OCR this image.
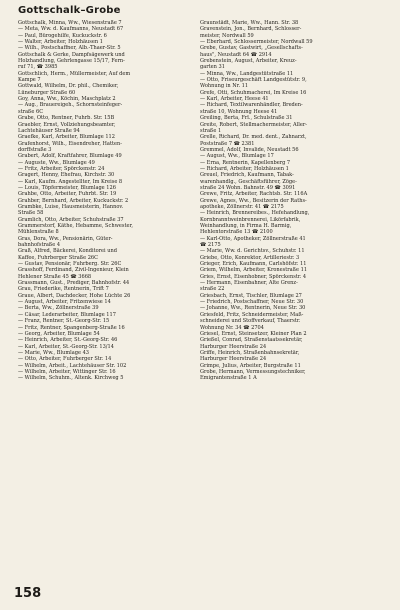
Gottschalk–Grobe
Gottschalk, Minna, Ww., Wiesenstraße 7
— Meta, Ww. d. Kaufmanns, Neustadt 67
— Paul, Bürogehilfe, Kuckuckstr. 6
— Walter, Arbeiter, Holzhäusen 1
— Wilh., Postschaffner, Alb.-Thaer-Str. 5
Gottschalk & Gerke, Dampfsägewerk und
Holzhandlung, Gehrlengasse 15/17, Fern-
ruf 71, ☎ 3985
Gottschlich, Herm., Müllermeister, Auf dem
Kampe 7
Gottwald, Wilhelm, Dr. phil., Chemiker,
Lüneburger Straße 60
Goy, Anna, Ww., Köchin, Maschplatz 2
— Aug., Brauereigeh., Schornsteinfeger-
straße 6C
Grabe, Otto, Rentner, Fuhrb. Str. 15B
Graebler, Ernst, Vollziehungsbeamter,
Lachtehäuser Straße 94
Graefke, Karl, Arbeiter, Blumlage 112
Grafenhorst, Wilh., Eisendreher, Hatten-
dorffstraße 3
Grabert, Adolf, Kraftfahrer, Blumlage 49
— Auguste, Ww., Blumlage 49
— Fritz, Arbeiter, Spörckenstr. 24
Gragert, Henny, Ehefrau, Kirchstr. 30
— Karl, Kaufm. Angestellter, Im Kreise 8
— Louis, Töpfermeister, Blumlage 126
Grahbe, Otto, Arbeiter, Fuhrbt. Str. 19
Grahber, Bernhard, Arbeiter, Kuckuckstr. 2
Grambke, Luise, Hausmeisterin, Hannov.
Straße 58
Gramlich, Otto, Arbeiter, Schuhstraße 37
Grammerstorf, Käthe, Hebamme, Schwester,
Mühlenstraße 8
Gras, Dora, Ww., Pensionärin, Güter-
bahnhofstraße 4
Graß, Alfred, Bäckerei, Konditorei und
Kaffee, Fuhrberger Straße 26C
— Gustav, Pensionär, Fuhrberg. Str. 26C
Grasshoff, Ferdinand, Zivil-Ingenieur, Klein
Hehlener Straße 45 ☎ 3668
Grassmann, Gust., Prediger, Bahnhofstr. 44
Grau, Friederike, Rentnerin, Trift 7
Graue, Albert, Dachdecker, Hohe Lüchte 26
— August, Arbeiter, Fritzenwiese 14
— Berta, Ww., Zöllnerstraße 39
— Cäsar, Lederarbeiter, Blumlage 117
— Franz, Rentner, St.-Georg-Str. 15
— Fritz, Rentner, Spangenberg-Straße 16
— Georg, Arbeiter, Blumlage 54
— Heinrich, Arbeiter, St.-Georg-Str. 46
— Karl, Arbeiter, St.-Georg-Str. 13/14
— Marie, Ww., Blumlage 43
— Otto, Arbeiter, Fuhrberger Str. 14
— Wilhelm, Arbeit., Lachtehäuser Str. 102
— Wilhelm, Arbeiter, Wittinger Str. 16
— Wilhelm, Schuhm., Altenk. Kirchweg 5
Graunstädt, Marie, Ww., Hann. Str. 38
Gravenstein, Jon., Bernhard, Schlosser-
meister, Nordwall 59
— Eberhard, Schlossermeister, Nordwall 59
Grebe, Gustav, Gastwirt, „Gesellschafts-
haus", Neustadt 64 ☎ 2914
Grebenstein, August, Arbeiter, Kreuz-
garten 31
— Minna, Ww., Landgestütstraße 11
— Otto, Friseurgeschäft Landgestütstr. 9,
Wohnung in Nr. 11
Grefe, Otti, Schuhmacherei, Im Kreise 16
— Karl, Arbeiter, Heese 41
— Richard, Textilwarenhändler, Breden-
straße 10, Wohnung Heese 41
Greiling, Berta, Frl., Schulstraße 31
Greite, Robert, Stellmachermeister, Aller-
straße 1
Grelle, Richard, Dr. med. dent., Zahnarzt,
Poststraße 7 ☎ 2381
Gremmel, Adolf, Invalide, Neustadt 56
— August, Ww., Blumlage 17
— Erna, Rentnerin, Kapellenberg 7
— Richard, Arbeiter, Holzhäusen 1
Greuel, Friedrich, Kaufmann, Tabak-
warenhandlg., Geschäftsführer, Zöge-
straße 24 Wohn. Bahnstr. 49 ☎ 3091
Grewe, Fritz, Arbeiter, Rachtsb. Str. 116A
Grewe, Agnes, Ww., Besitzerin der Raths-
apotheke, Zöllnerstr. 41 ☎ 2175
— Heinrich, Brennereibes., Hefehandlung,
Kornbranntweinbrennerei, Likörfabrik,
Weinhandlung, in Firma H. Barmig,
Hehlentorstraße 13 ☎ 2100
— Karl-Otto, Apotheker, Zöllnerstraße 41
☎ 2175
— Marie, Ww. d. Gerichtsv., Schuhstr. 11
Griebe, Otto, Konrektor, Artilleriestr. 3
Grieger, Erich, Kaufmann, Carlshöfstr. 11
Griem, Wilhelm, Arbeiter, Kronestraße 11
Gries, Ernst, Eisenhobner, Spörckenstr. 4
— Hermann, Eisenbahner, Alte Grenz-
straße 22
Griesbach, Ernst, Tischler, Blumlage 27
— Friedrich, Postschaffner, Neue Str. 30
— Johanne, Ww., Rentnerin, Neue Str. 30
Griesfeld, Fritz, Schneidermeister, Maß-
schneiderei und Stoffverkauf, Thaerstr.
Wohnung Nr. 34 ☎ 2704
Griesel, Ernst, Steinsetzer, Kleiner Plan 2
Grießel, Conrad, Straßenstaatssekretär,
Harburger Heerstraße 24
Griffe, Heinrich, Straßenbahnsekretär,
Harburger Heerstraße 24
Grimpe, Julius, Arbeiter, Burgstraße 11
Grobe, Hermann, Vermessungstechniker,
Emigrantenstraße 1 A
158
